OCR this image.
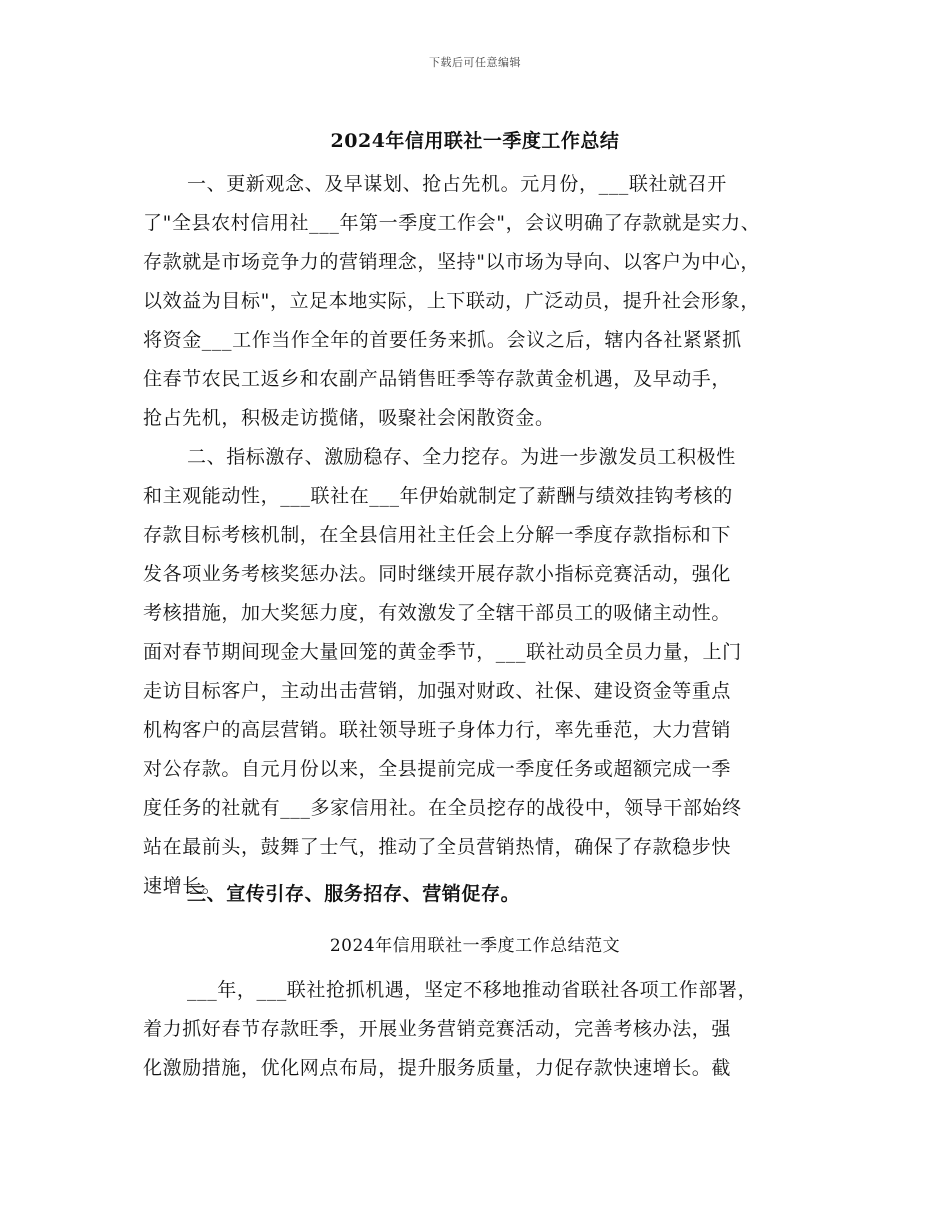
下载后可任意编辑
2024年信用联社一季度工作总结
一、更新观念、及早谋划、抢占先机。元月份，___联社就召开
了"全县农村信用社___年第一季度工作会"，会议明确了存款就是实力、
存款就是市场竞争力的营销理念，坚持"以市场为导向、以客户为中心，
以效益为目标"，立足本地实际，上下联动，广泛动员，提升社会形象，
将资金___工作当作全年的首要任务来抓。会议之后，辖内各社紧紧抓
住春节农民工返乡和农副产品销售旺季等存款黄金机遇，及早动手，
抢占先机，积极走访揽储，吸聚社会闲散资金。
二、指标激存、激励稳存、全力挖存。为进一步激发员工积极性
和主观能动性，___联社在___年伊始就制定了薪酬与绩效挂钩考核的
存款目标考核机制，在全县信用社主任会上分解一季度存款指标和下
发各项业务考核奖惩办法。同时继续开展存款小指标竞赛活动，强化
考核措施，加大奖惩力度，有效激发了全辖干部员工的吸储主动性。
面对春节期间现金大量回笼的黄金季节，___联社动员全员力量，上门
走访目标客户，主动出击营销，加强对财政、社保、建设资金等重点
机构客户的高层营销。联社领导班子身体力行，率先垂范，大力营销
对公存款。自元月份以来，全县提前完成一季度任务或超额完成一季
度任务的社就有___多家信用社。在全员挖存的战役中，领导干部始终
站在最前头，鼓舞了士气，推动了全员营销热情，确保了存款稳步快
速增长。
三、宣传引存、服务招存、营销促存。
2024年信用联社一季度工作总结范文
___年，___联社抢抓机遇，坚定不移地推动省联社各项工作部署，
着力抓好春节存款旺季，开展业务营销竞赛活动，完善考核办法，强
化激励措施，优化网点布局，提升服务质量，力促存款快速增长。截
